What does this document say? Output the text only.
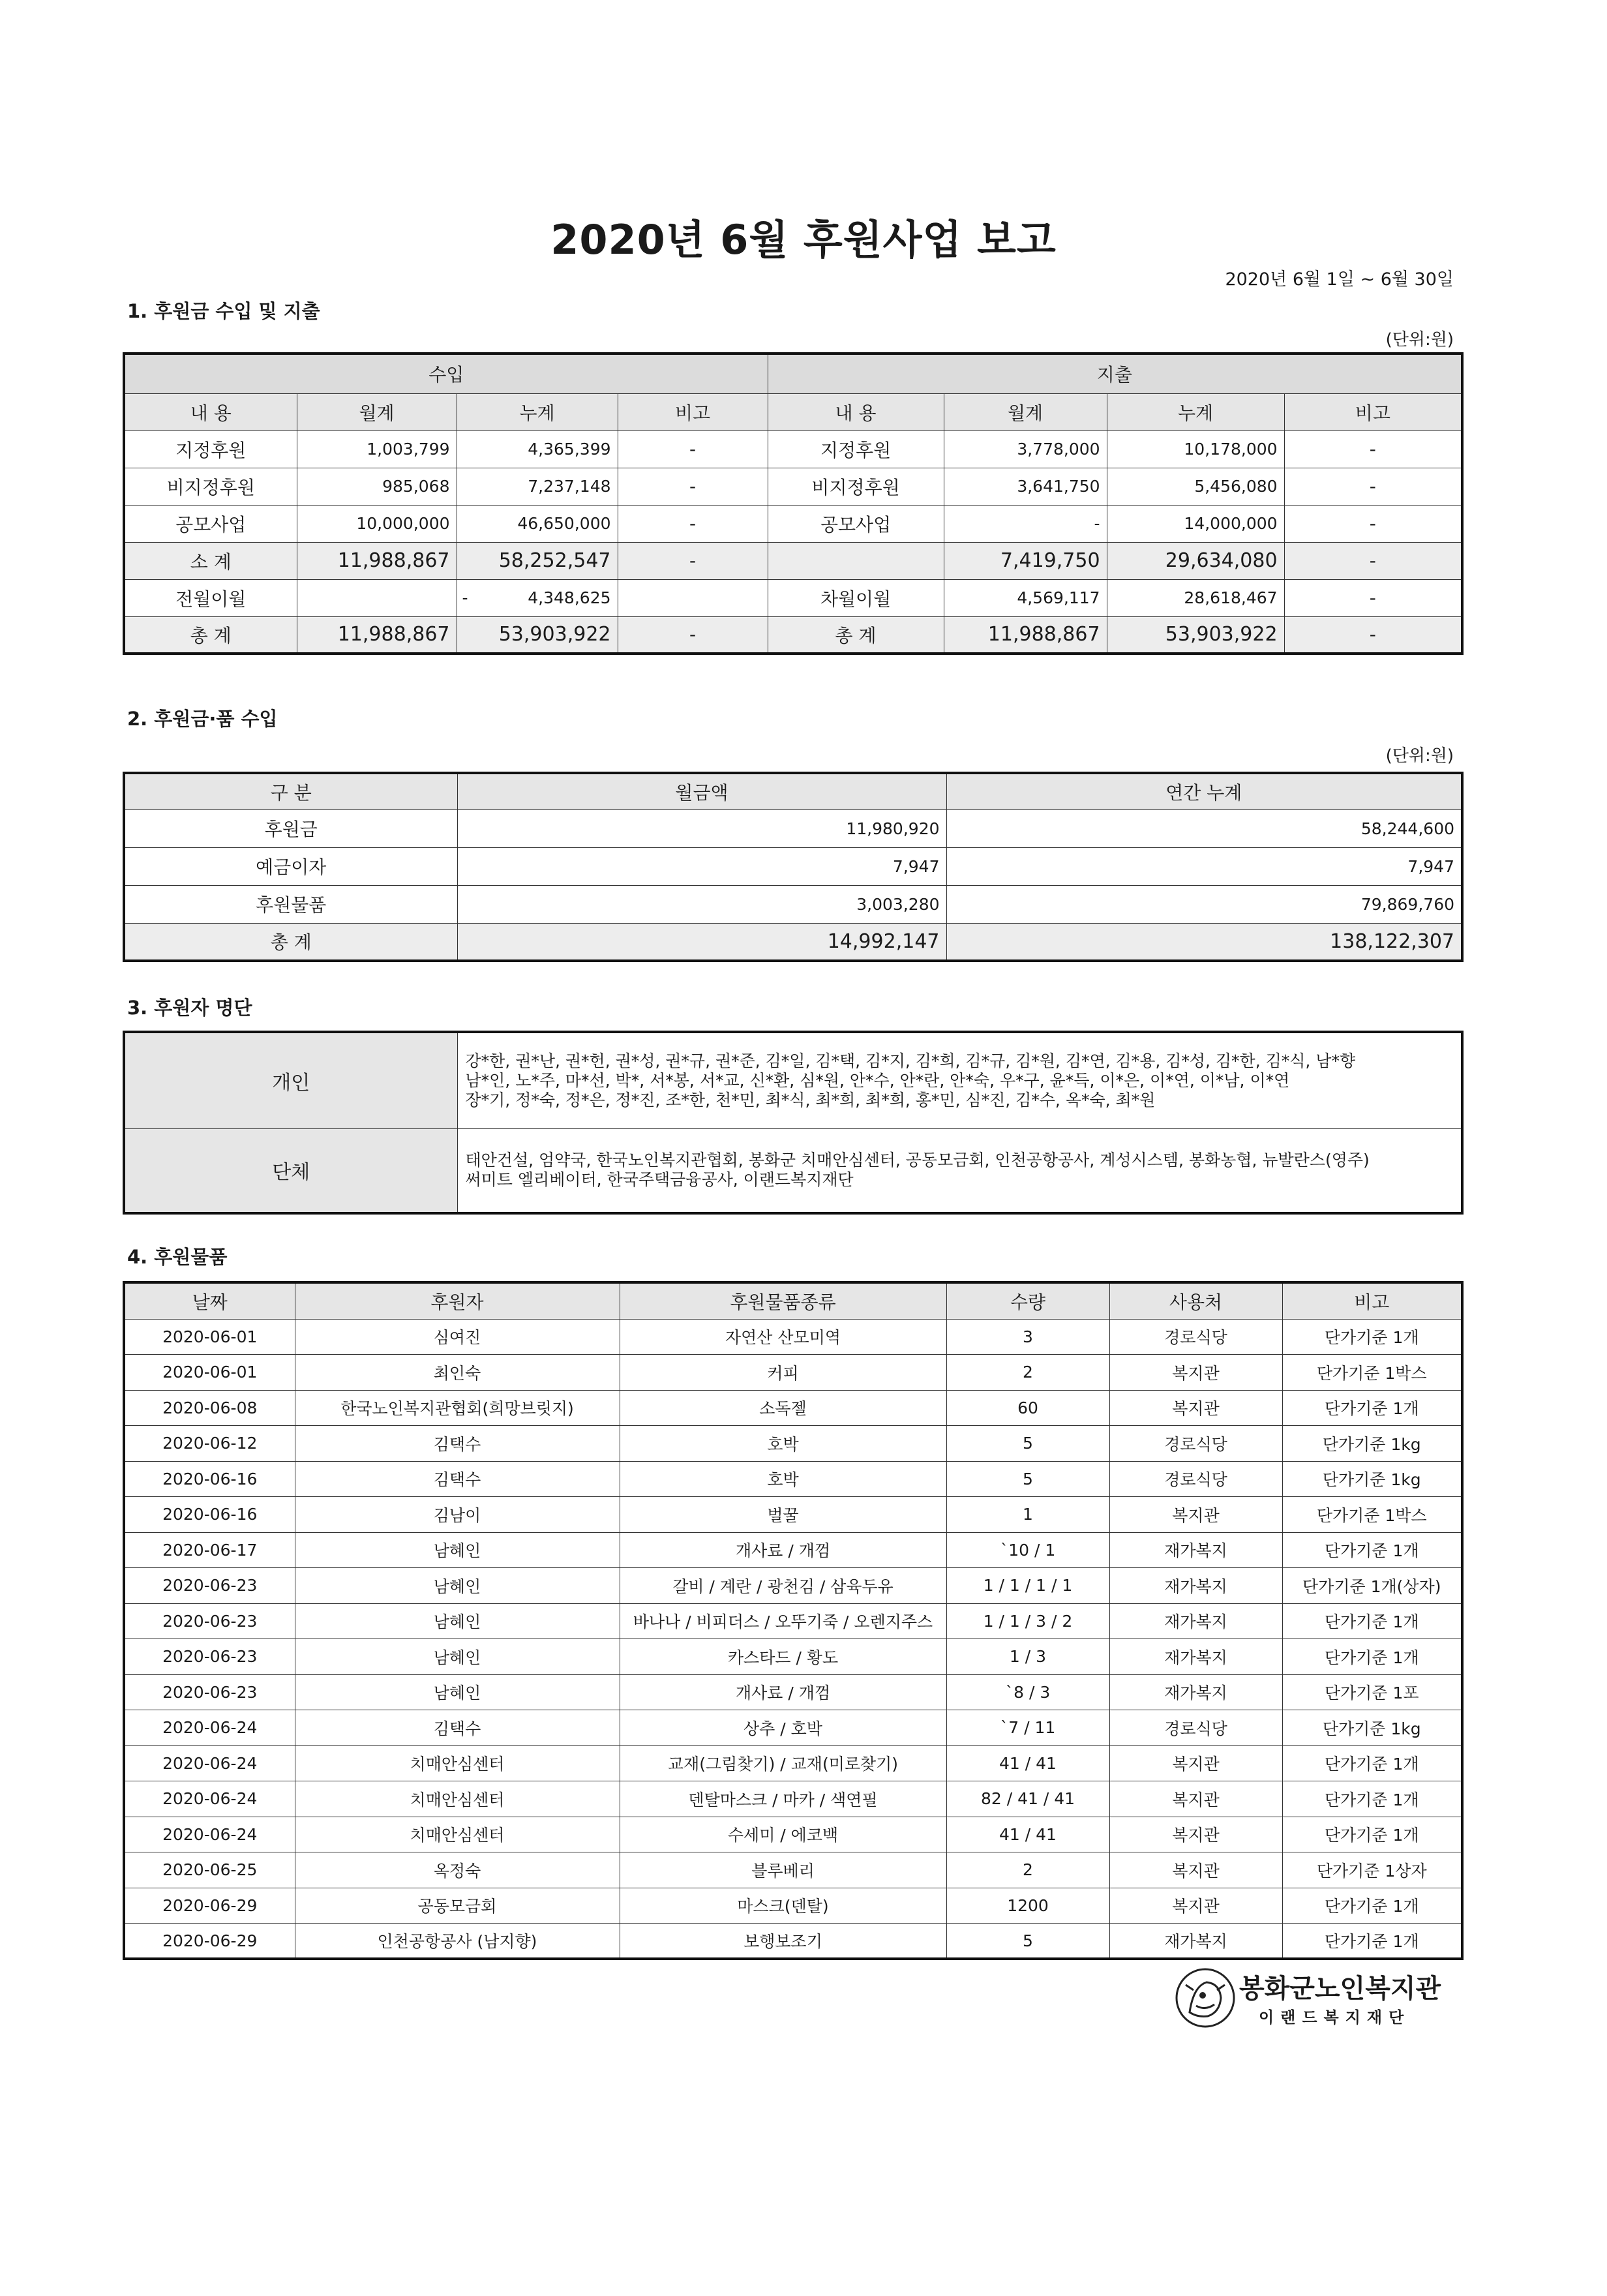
2020년 6월 후원사업 보고
2020년 6월 1일 ~ 6월 30일
1. 후원금 수입 및 지출
(단위:원)
수입				지출			
내 용	월계	누계	비고	내 용	월계	누계	비고
지정후원	1,003,799	4,365,399	-	지정후원	3,778,000	10,178,000	-
비지정후원	985,068	7,237,148	-	비지정후원	3,641,750	5,456,080	-
공모사업	10,000,000	46,650,000	-	공모사업	-	14,000,000	-
소 계	11,988,867	58,252,547	-		7,419,750	29,634,080	-
전월이월		- 4,348,625		차월이월	4,569,117	28,618,467	-
총 계	11,988,867	53,903,922	-	총 계	11,988,867	53,903,922	-
2. 후원금·품 수입
(단위:원)
구 분	월금액	연간 누계
후원금	11,980,920	58,244,600
예금이자	7,947	7,947
후원물품	3,003,280	79,869,760
총 계	14,992,147	138,122,307
3. 후원자 명단
개인	강*한, 권*난, 권*헌, 권*성, 권*규, 권*준, 김*일, 김*택, 김*지, 김*희, 김*규, 김*원, 김*연, 김*용, 김*성, 김*한, 김*식, 남*향
남*인, 노*주, 마*선, 박*, 서*봉, 서*교, 신*환, 심*원, 안*수, 안*란, 안*숙, 우*구, 윤*득, 이*은, 이*연, 이*남, 이*연
장*기, 정*숙, 정*은, 정*진, 조*한, 천*민, 최*식, 최*희, 최*희, 홍*민, 심*진, 김*수, 옥*숙, 최*원

단체	태안건설, 엄약국, 한국노인복지관협회, 봉화군 치매안심센터, 공동모금회, 인천공항공사, 계성시스템, 봉화농협, 뉴발란스(영주)
써미트 엘리베이터, 한국주택금융공사, 이랜드복지재단
4. 후원물품
날짜	후원자	후원물품종류	수량	사용처	비고
2020-06-01	심여진	자연산 산모미역	3	경로식당	단가기준 1개
2020-06-01	최인숙	커피	2	복지관	단가기준 1박스
2020-06-08	한국노인복지관협회(희망브릿지)	소독젤	60	복지관	단가기준 1개
2020-06-12	김택수	호박	5	경로식당	단가기준 1kg
2020-06-16	김택수	호박	5	경로식당	단가기준 1kg
2020-06-16	김남이	벌꿀	1	복지관	단가기준 1박스
2020-06-17	남혜인	개사료 / 개껌	`10 / 1	재가복지	단가기준 1개
2020-06-23	남혜인	갈비 / 계란 / 광천김 / 삼육두유	1 / 1 / 1 / 1	재가복지	단가기준 1개(상자)
2020-06-23	남혜인	바나나 / 비피더스 / 오뚜기죽 / 오렌지주스	1 / 1 / 3 / 2	재가복지	단가기준 1개
2020-06-23	남혜인	카스타드 / 황도	1 / 3	재가복지	단가기준 1개
2020-06-23	남혜인	개사료 / 개껌	`8 / 3	재가복지	단가기준 1포
2020-06-24	김택수	상추 / 호박	`7 / 11	경로식당	단가기준 1kg
2020-06-24	치매안심센터	교재(그림찾기) / 교재(미로찾기)	41 / 41	복지관	단가기준 1개
2020-06-24	치매안심센터	덴탈마스크 / 마카 / 색연필	82 / 41 / 41	복지관	단가기준 1개
2020-06-24	치매안심센터	수세미 / 에코백	41 / 41	복지관	단가기준 1개
2020-06-25	옥정숙	블루베리	2	복지관	단가기준 1상자
2020-06-29	공동모금회	마스크(덴탈)	1200	복지관	단가기준 1개
2020-06-29	인천공항공사 (남지향)	보행보조기	5	재가복지	단가기준 1개
봉화군노인복지관
이랜드복지재단
